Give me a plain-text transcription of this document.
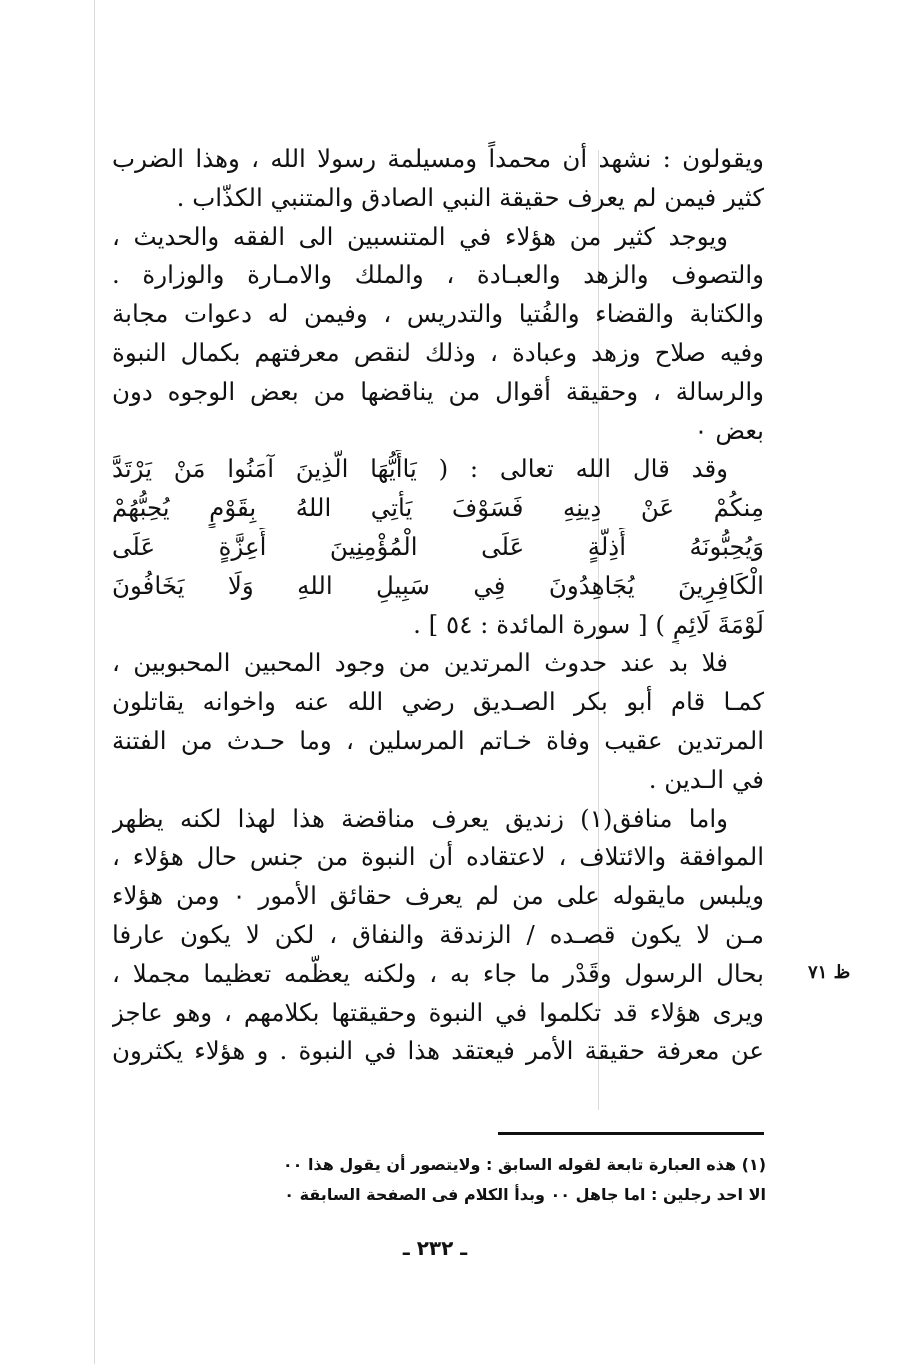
ويقولون : نشهد أن محمداً ومسيلمة رسولا الله ، وهذا الضرب
كثير فيمن لم يعرف حقيقة النبي الصادق والمتنبي الكذّاب .
ويوجد كثير من هؤلاء في المتنسبين الى الفقه والحديث ،
والتصوف والزهد والعبـادة ، والملك والامـارة والوزارة .
والكتابة والقضاء والفُتيا والتدريس ، وفيمن له دعوات مجابة
وفيه صلاح وزهد وعبادة ، وذلك لنقص معرفتهم بكمال النبوة
والرسالة ، وحقيقة أقوال من يناقضها من بعض الوجوه دون
بعض ٠
وقد قال الله تعالى : ( يَاأَيُّهَا الَّذِينَ آمَنُوا مَنْ يَرْتَدَّ
مِنكُمْ عَنْ دِينِهِ فَسَوْفَ يَأْتِي اللهُ بِقَوْمٍ يُحِبُّهُمْ
وَيُحِبُّونَهُ أَذِلَّةٍ عَلَى الْمُؤْمِنِينَ أَعِزَّةٍ عَلَى
الْكَافِرِينَ يُجَاهِدُونَ فِي سَبِيلِ اللهِ وَلَا يَخَافُونَ
لَوْمَةَ لَائِمٍ ) [ سورة المائدة : ٥٤ ] .
فلا بد عند حدوث المرتدين من وجود المحبين المحبوبين ،
كمـا قام أبو بكر الصـديق رضي الله عنه واخوانه يقاتلون
المرتدين عقيب وفاة خـاتم المرسلين ، وما حـدث من الفتنة
في الـدين .
واما منافق(١) زنديق يعرف مناقضة هذا لهذا لكنه يظهر
الموافقة والائتلاف ، لاعتقاده أن النبوة من جنس حال هؤلاء ،
ويلبس مايقوله على من لم يعرف حقائق الأمور ٠ ومن هؤلاء
مـن لا يكون قصـده / الزندقة والنفاق ، لكن لا يكون عارفا
بحال الرسول وقَدْر ما جاء به ، ولكنه يعظّمه تعظيما مجملا ،
ويرى هؤلاء قد تكلموا في النبوة وحقيقتها بكلامهم ، وهو عاجز
عن معرفة حقيقة الأمر فيعتقد هذا في النبوة . و هؤلاء يكثرون
ظ ٧١
(١) هذه العبارة تابعة لقوله السابق : ولايتصور أن يقول هذا ٠٠
الا احد رجلين : اما جاهل ٠٠ وبدأ الكلام فى الصفحة السابقة ٠
ـ ٢٣٢ ـ
